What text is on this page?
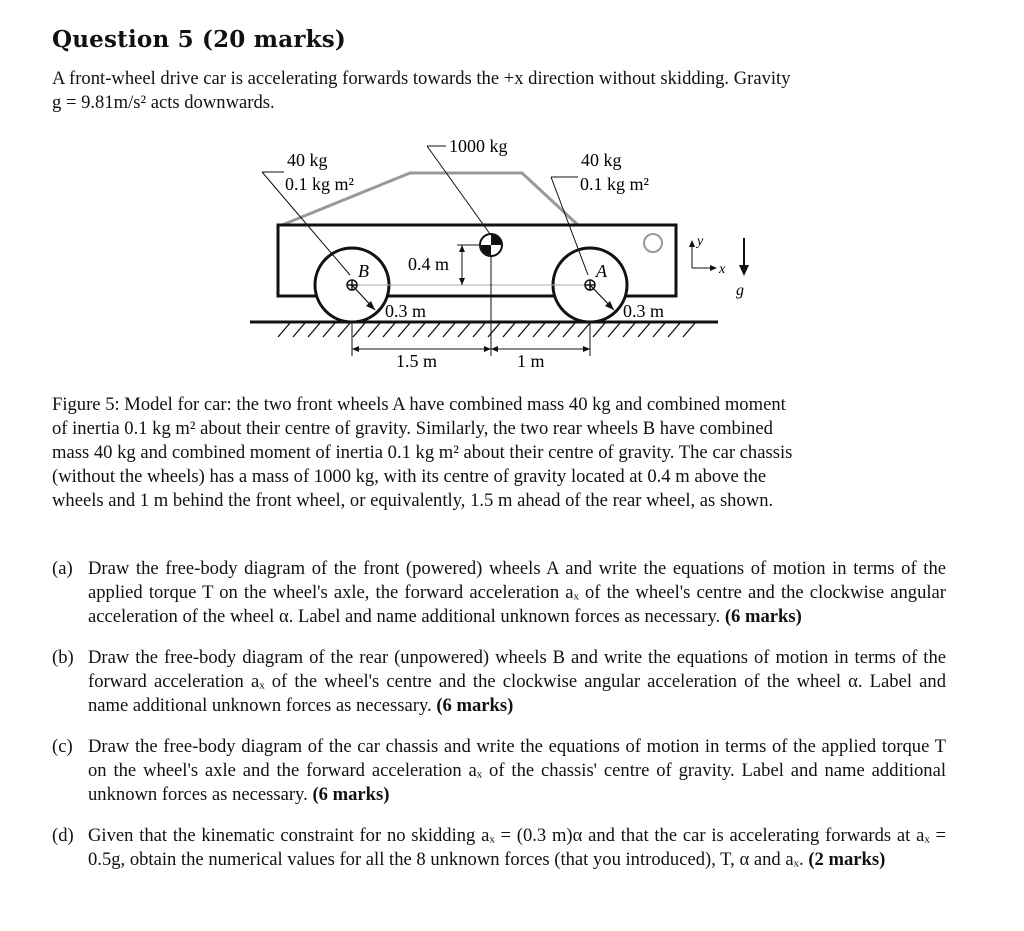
Question 5 (20 marks)
A front-wheel drive car is accelerating forwards towards the +x direction without skidding. Gravity
g = 9.81m/s² acts downwards.
1000 kg
40 kg
0.1 kg m²
40 kg
0.1 kg m²
0.4 m
B	A
0.3 m	0.3 m
1.5 m	1 m
y
x
g
Figure 5: Model for car: the two front wheels A have combined mass 40 kg and combined moment
of inertia 0.1 kg m² about their centre of gravity. Similarly, the two rear wheels B have combined
mass 40 kg and combined moment of inertia 0.1 kg m² about their centre of gravity. The car chassis
(without the wheels) has a mass of 1000 kg, with its centre of gravity located at 0.4 m above the
wheels and 1 m behind the front wheel, or equivalently, 1.5 m ahead of the rear wheel, as shown.
(a) Draw the free-body diagram of the front (powered) wheels A and write the equations of motion in terms of the applied torque T on the wheel's axle, the forward acceleration aₓ of the wheel's centre and the clockwise angular acceleration of the wheel α. Label and name additional unknown forces as necessary. (6 marks)
(b) Draw the free-body diagram of the rear (unpowered) wheels B and write the equations of motion in terms of the forward acceleration aₓ of the wheel's centre and the clockwise angular acceleration of the wheel α. Label and name additional unknown forces as necessary. (6 marks)
(c) Draw the free-body diagram of the car chassis and write the equations of motion in terms of the applied torque T on the wheel's axle and the forward acceleration aₓ of the chassis' centre of gravity. Label and name additional unknown forces as necessary. (6 marks)
(d) Given that the kinematic constraint for no skidding aₓ = (0.3 m)α and that the car is accelerating forwards at aₓ = 0.5g, obtain the numerical values for all the 8 unknown forces (that you introduced), T, α and aₓ. (2 marks)
